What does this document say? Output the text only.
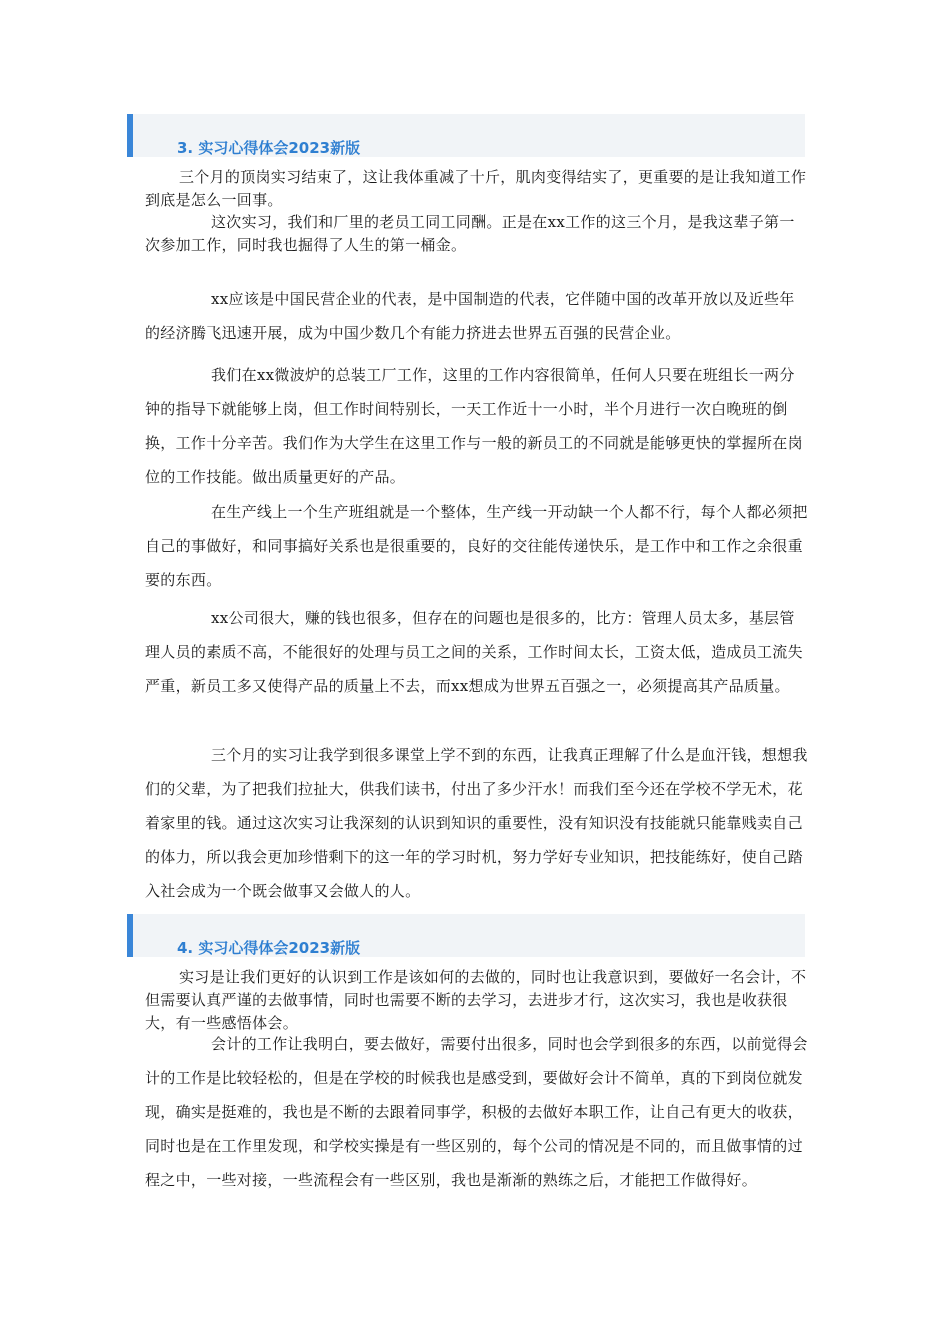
3. 实习心得体会2023新版

三个月的顶岗实习结束了，这让我体重减了十斤，肌肉变得结实了，更重要的是让我知道工作到底是怎么一回事。

这次实习，我们和厂里的老员工同工同酬。正是在xx工作的这三个月，是我这辈子第一次参加工作，同时我也掘得了人生的第一桶金。

xx应该是中国民营企业的代表，是中国制造的代表，它伴随中国的改革开放以及近些年的经济腾飞迅速开展，成为中国少数几个有能力挤进去世界五百强的民营企业。

我们在xx微波炉的总装工厂工作，这里的工作内容很简单，任何人只要在班组长一两分钟的指导下就能够上岗，但工作时间特别长，一天工作近十一小时，半个月进行一次白晚班的倒换，工作十分辛苦。我们作为大学生在这里工作与一般的新员工的不同就是能够更快的掌握所在岗位的工作技能。做出质量更好的产品。

在生产线上一个生产班组就是一个整体，生产线一开动缺一个人都不行，每个人都必须把自己的事做好，和同事搞好关系也是很重要的，良好的交往能传递快乐，是工作中和工作之余很重要的东西。

xx公司很大，赚的钱也很多，但存在的问题也是很多的，比方：管理人员太多，基层管理人员的素质不高，不能很好的处理与员工之间的关系，工作时间太长，工资太低，造成员工流失严重，新员工多又使得产品的质量上不去，而xx想成为世界五百强之一，必须提高其产品质量。

三个月的实习让我学到很多课堂上学不到的东西，让我真正理解了什么是血汗钱，想想我们的父辈，为了把我们拉扯大，供我们读书，付出了多少汗水！而我们至今还在学校不学无术，花着家里的钱。通过这次实习让我深刻的认识到知识的重要性，没有知识没有技能就只能靠贱卖自己的体力，所以我会更加珍惜剩下的这一年的学习时机，努力学好专业知识，把技能练好，使自己踏入社会成为一个既会做事又会做人的人。

4. 实习心得体会2023新版

实习是让我们更好的认识到工作是该如何的去做的，同时也让我意识到，要做好一名会计，不但需要认真严谨的去做事情，同时也需要不断的去学习，去进步才行，这次实习，我也是收获很大，有一些感悟体会。

会计的工作让我明白，要去做好，需要付出很多，同时也会学到很多的东西，以前觉得会计的工作是比较轻松的，但是在学校的时候我也是感受到，要做好会计不简单，真的下到岗位就发现，确实是挺难的，我也是不断的去跟着同事学，积极的去做好本职工作，让自己有更大的收获，同时也是在工作里发现，和学校实操是有一些区别的，每个公司的情况是不同的，而且做事情的过程之中，一些对接，一些流程会有一些区别，我也是渐渐的熟练之后，才能把工作做得好。
